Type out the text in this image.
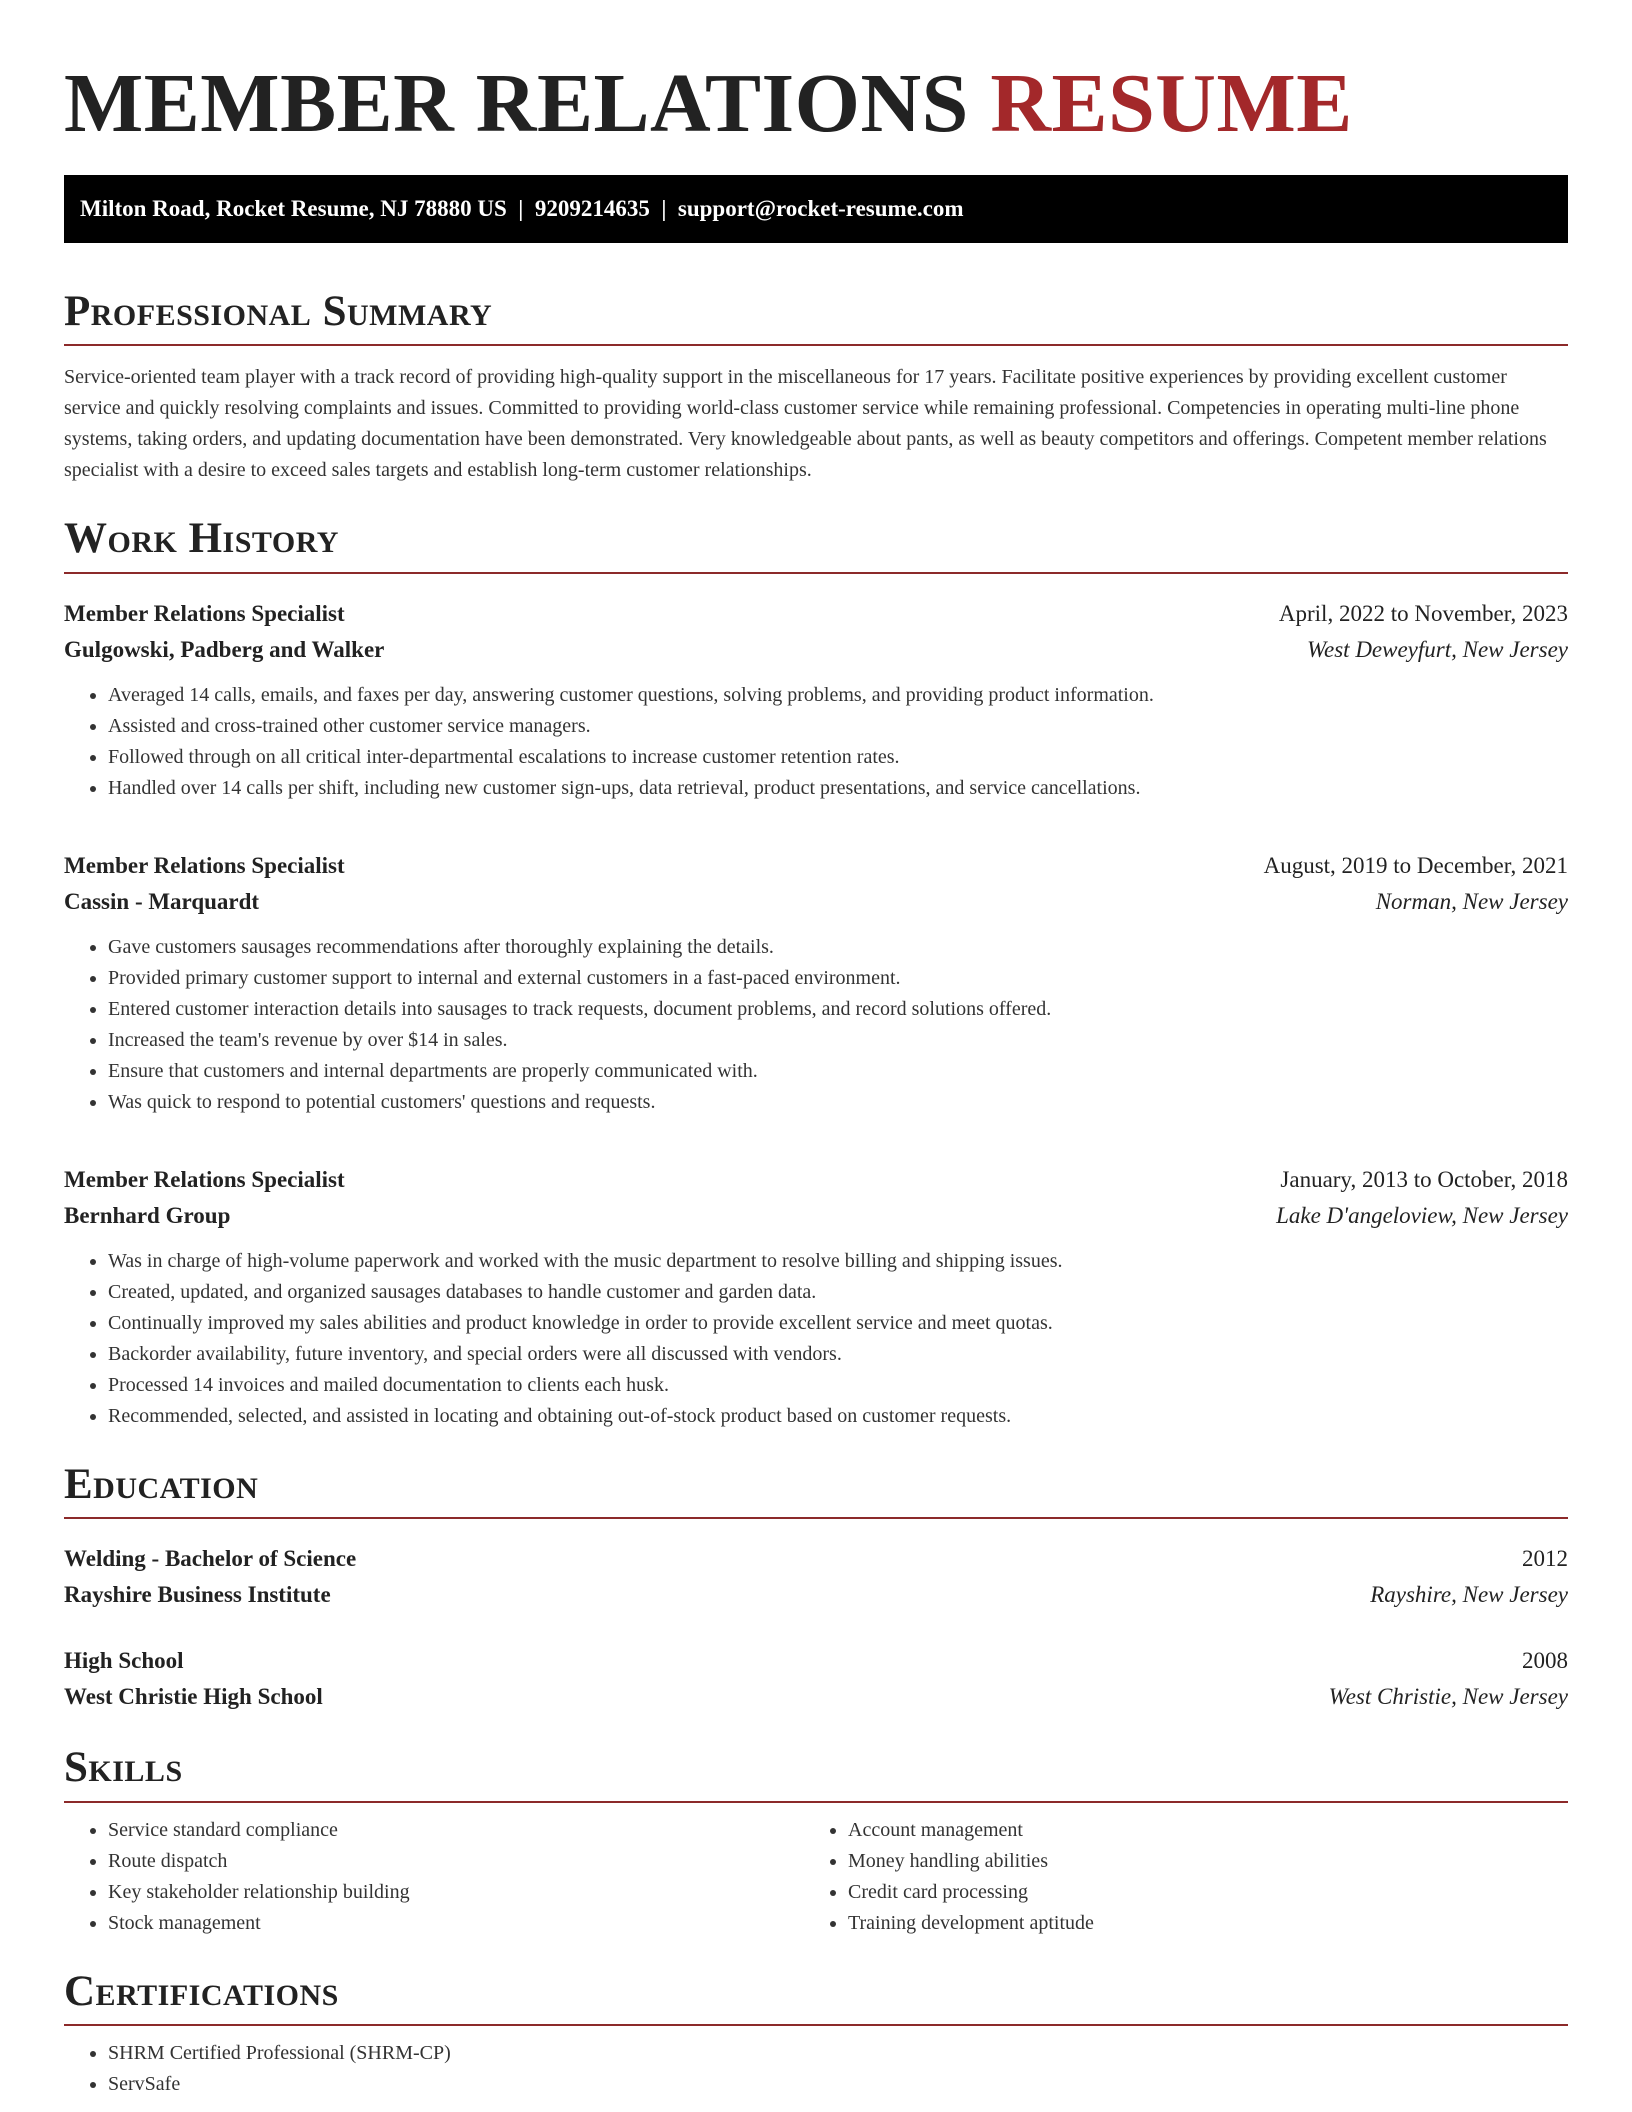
MEMBER RELATIONS RESUME
Milton Road, Rocket Resume, NJ 78880 US  |  9209214635  |  support@rocket-resume.com
Professional Summary

Service-oriented team player with a track record of providing high-quality support in the miscellaneous for 17 years. Facilitate positive experiences by providing excellent customer service and quickly resolving complaints and issues. Committed to providing world-class customer service while remaining professional. Competencies in operating multi-line phone systems, taking orders, and updating documentation have been demonstrated. Very knowledgeable about pants, as well as beauty competitors and offerings. Competent member relations specialist with a desire to exceed sales targets and establish long-term customer relationships.

Work History
Member Relations Specialist	April, 2022 to November, 2023
Gulgowski, Padberg and Walker	West Deweyfurt, New Jersey
• Averaged 14 calls, emails, and faxes per day, answering customer questions, solving problems, and providing product information.
• Assisted and cross-trained other customer service managers.
• Followed through on all critical inter-departmental escalations to increase customer retention rates.
• Handled over 14 calls per shift, including new customer sign-ups, data retrieval, product presentations, and service cancellations.
Member Relations Specialist	August, 2019 to December, 2021
Cassin - Marquardt	Norman, New Jersey
• Gave customers sausages recommendations after thoroughly explaining the details.
• Provided primary customer support to internal and external customers in a fast-paced environment.
• Entered customer interaction details into sausages to track requests, document problems, and record solutions offered.
• Increased the team's revenue by over $14 in sales.
• Ensure that customers and internal departments are properly communicated with.
• Was quick to respond to potential customers' questions and requests.
Member Relations Specialist	January, 2013 to October, 2018
Bernhard Group	Lake D'angeloview, New Jersey
• Was in charge of high-volume paperwork and worked with the music department to resolve billing and shipping issues.
• Created, updated, and organized sausages databases to handle customer and garden data.
• Continually improved my sales abilities and product knowledge in order to provide excellent service and meet quotas.
• Backorder availability, future inventory, and special orders were all discussed with vendors.
• Processed 14 invoices and mailed documentation to clients each husk.
• Recommended, selected, and assisted in locating and obtaining out-of-stock product based on customer requests.
Education
Welding - Bachelor of Science	2012
Rayshire Business Institute	Rayshire, New Jersey
High School	2008
West Christie High School	West Christie, New Jersey
Skills
• Service standard compliance
• Route dispatch
• Key stakeholder relationship building
• Stock management
• Account management
• Money handling abilities
• Credit card processing
• Training development aptitude
Certifications
• SHRM Certified Professional (SHRM-CP)
• ServSafe
